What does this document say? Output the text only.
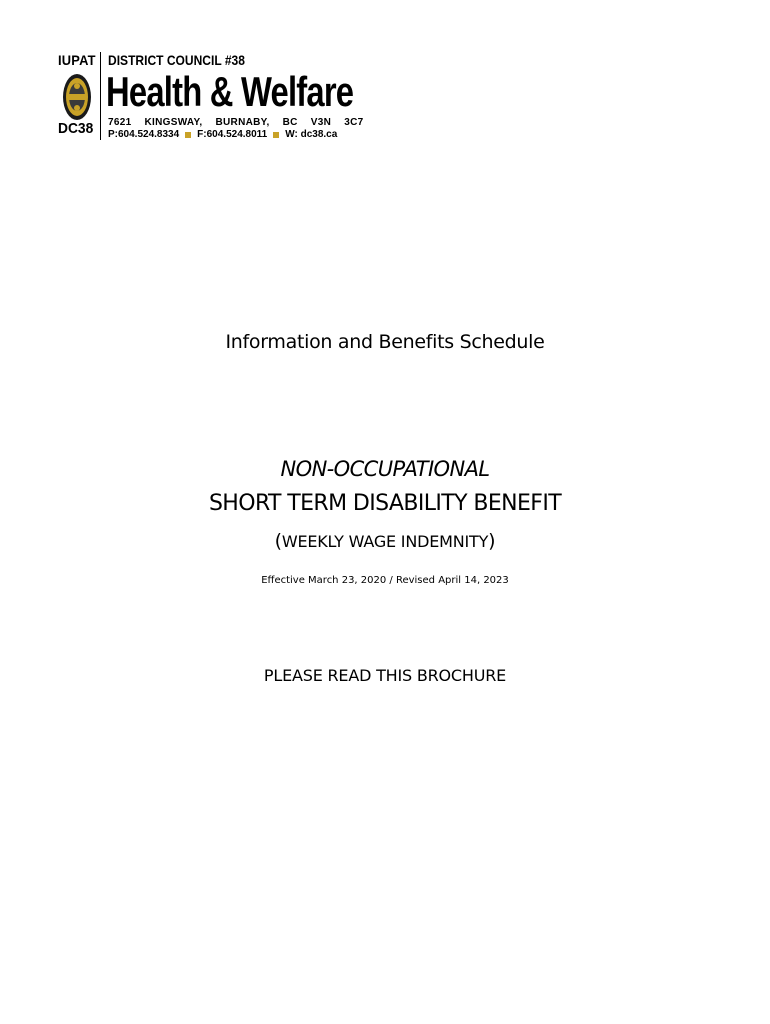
IUPAT
DC38
DISTRICT COUNCIL #38
Health & Welfare
7621 KINGSWAY, BURNABY, BC V3N 3C7
P:604.524.8334 F:604.524.8011 W: dc38.ca
Information and Benefits Schedule
NON-OCCUPATIONAL
SHORT TERM DISABILITY BENEFIT
(WEEKLY WAGE INDEMNITY)
Effective March 23, 2020 / Revised April 14, 2023
PLEASE READ THIS BROCHURE
